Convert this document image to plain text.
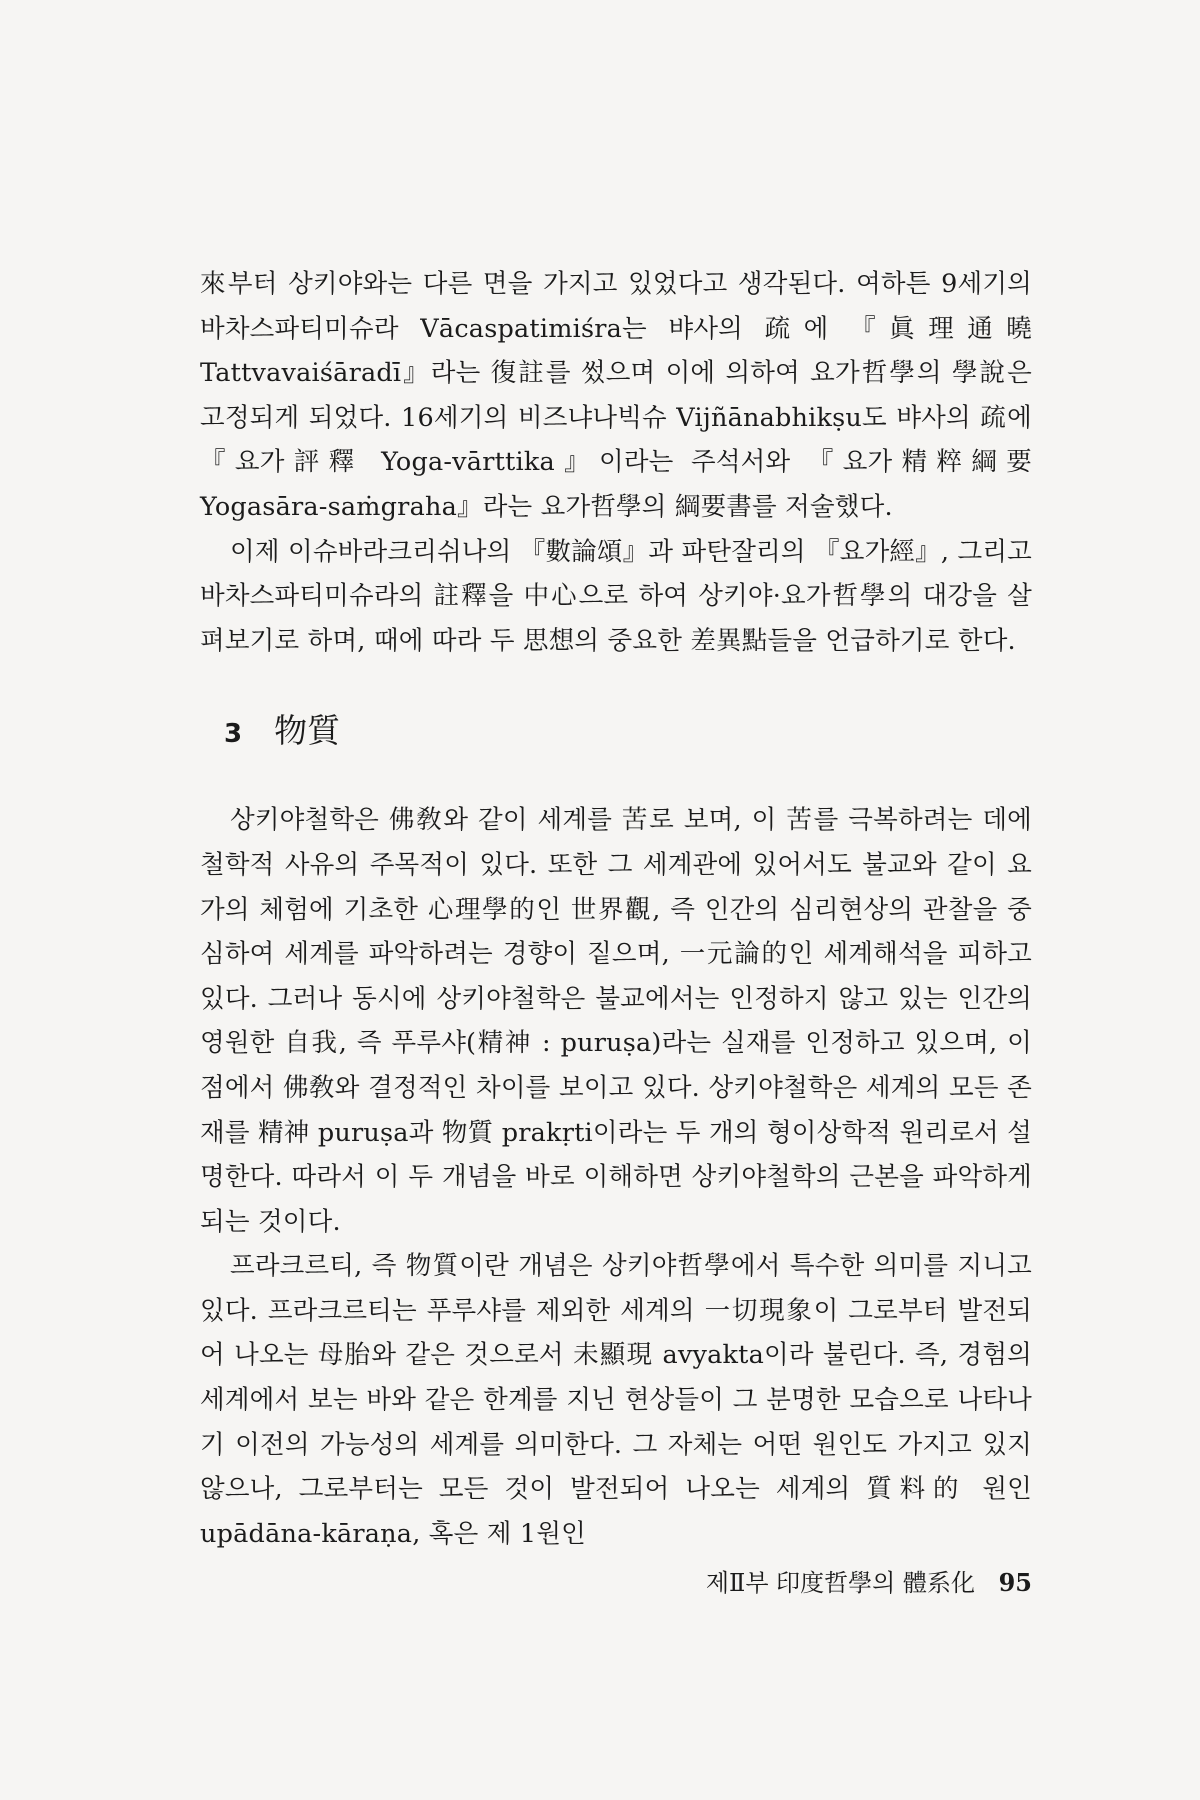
來부터 상키야와는 다른 면을 가지고 있었다고 생각된다. 여하튼 9세기의 바차스파티미슈라 Vācaspatimiśra는 뱌사의 疏에 『眞理通曉 Tattvavaiśāradī』라는 復註를 썼으며 이에 의하여 요가哲學의 學說은 고정되게 되었다. 16세기의 비즈냐나빅슈 Vijñānabhikṣu도 뱌사의 疏에 『요가評釋 Yoga-vārttika』이라는 주석서와 『요가精粹綱要 Yogasāra-saṁgraha』라는 요가哲學의 綱要書를 저술했다.

이제 이슈바라크리쉬나의 『數論頌』과 파탄잘리의 『요가經』, 그리고 바차스파티미슈라의 註釋을 中心으로 하여 상키야·요가哲學의 대강을 살펴보기로 하며, 때에 따라 두 思想의 중요한 差異點들을 언급하기로 한다.

3 物質

상키야철학은 佛敎와 같이 세계를 苦로 보며, 이 苦를 극복하려는 데에 철학적 사유의 주목적이 있다. 또한 그 세계관에 있어서도 불교와 같이 요가의 체험에 기초한 心理學的인 世界觀, 즉 인간의 심리현상의 관찰을 중심하여 세계를 파악하려는 경향이 짙으며, 一元論的인 세계해석을 피하고 있다. 그러나 동시에 상키야철학은 불교에서는 인정하지 않고 있는 인간의 영원한 自我, 즉 푸루샤(精神 : puruṣa)라는 실재를 인정하고 있으며, 이 점에서 佛敎와 결정적인 차이를 보이고 있다. 상키야철학은 세계의 모든 존재를 精神 puruṣa과 物質 prakṛti이라는 두 개의 형이상학적 원리로서 설명한다. 따라서 이 두 개념을 바로 이해하면 상키야철학의 근본을 파악하게 되는 것이다.

프라크르티, 즉 物質이란 개념은 상키야哲學에서 특수한 의미를 지니고 있다. 프라크르티는 푸루샤를 제외한 세계의 一切現象이 그로부터 발전되어 나오는 母胎와 같은 것으로서 未顯現 avyakta이라 불린다. 즉, 경험의 세계에서 보는 바와 같은 한계를 지닌 현상들이 그 분명한 모습으로 나타나기 이전의 가능성의 세계를 의미한다. 그 자체는 어떤 원인도 가지고 있지 않으나, 그로부터는 모든 것이 발전되어 나오는 세계의 質料的 원인 upādāna-kāraṇa, 혹은 제 1원인

제Ⅱ부 印度哲學의 體系化 95
